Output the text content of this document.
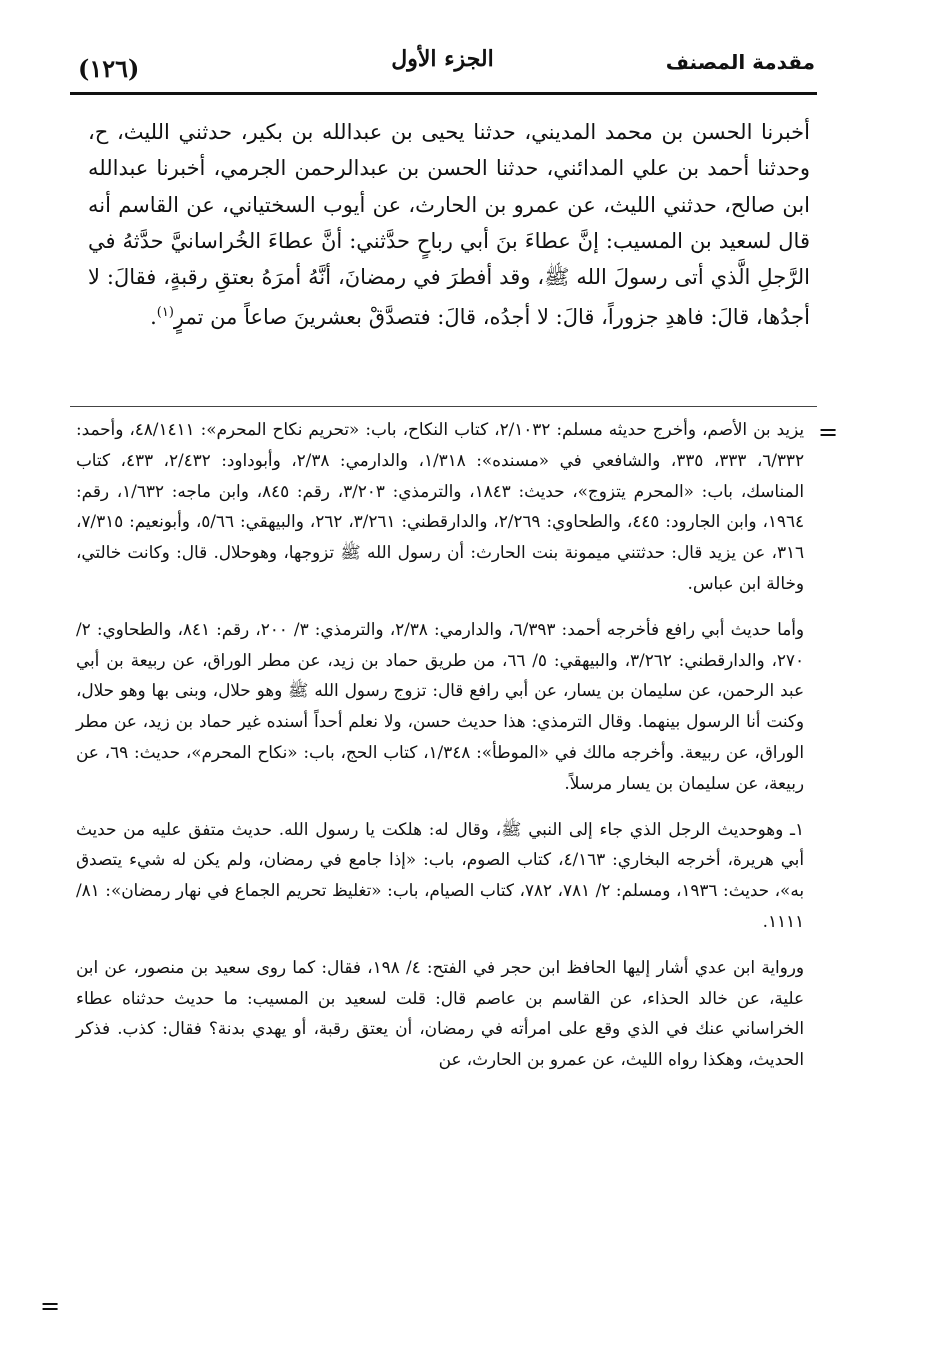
مقدمة المصنف
الجزء الأول
(١٢٦)

أخبرنا الحسن بن محمد المديني، حدثنا يحيى بن عبدالله بن بكير، حدثني الليث، ح، وحدثنا أحمد بن علي المدائني، حدثنا الحسن بن عبدالرحمن الجرمي، أخبرنا عبدالله ابن صالح، حدثني الليث، عن عمرو بن الحارث، عن أيوب السختياني، عن القاسم أنه قال لسعيد بن المسيب: إنَّ عطاءَ بنَ أبي رباحٍ حدَّثني: أنَّ عطاءَ الخُراسانيَّ حدَّثهُ في الرَّجلِ الَّذي أتى رسولَ الله ﷺ، وقد أفطرَ في رمضانَ، أنَّهُ أمرَهُ بعتقِ رقبةٍ، فقالَ: لا أجدُها، قالَ: فاهدِ جزوراً، قالَ: لا أجدُه، قالَ: فتصدَّقْ بعشرينَ صاعاً من تمرٍ$^{(١)}$.

=

يزيد بن الأصم، وأخرج حديثه مسلم: ٢/١٠٣٢، كتاب النكاح، باب: «تحريم نكاح المحرم»: ٤٨/١٤١١، وأحمد: ٦/٣٣٢، ٣٣٣، ٣٣٥، والشافعي في «مسنده»: ١/٣١٨، والدارمي: ٢/٣٨، وأبوداود: ٢/٤٣٢، ٤٣٣، كتاب المناسك، باب: «المحرم يتزوج»، حديث: ١٨٤٣، والترمذي: ٣/٢٠٣، رقم: ٨٤٥، وابن ماجه: ١/٦٣٢، رقم: ١٩٦٤، وابن الجارود: ٤٤٥، والطحاوي: ٢/٢٦٩، والدارقطني: ٣/٢٦١، ٢٦٢، والبيهقي: ٥/٦٦، وأبونعيم: ٧/٣١٥، ٣١٦، عن يزيد قال: حدثتني ميمونة بنت الحارث: أن رسول الله ﷺ تزوجها، وهوحلال. قال: وكانت خالتي، وخالة ابن عباس.

وأما حديث أبي رافع فأخرجه أحمد: ٦/٣٩٣، والدارمي: ٢/٣٨، والترمذي: ٣/ ٢٠٠، رقم: ٨٤١، والطحاوي: ٢/ ٢٧٠، والدارقطني: ٣/٢٦٢، والبيهقي: ٥/ ٦٦، من طريق حماد بن زيد، عن مطر الوراق، عن ربيعة بن أبي عبد الرحمن، عن سليمان بن يسار، عن أبي رافع قال: تزوج رسول الله ﷺ وهو حلال، وبنى بها وهو حلال، وكنت أنا الرسول بينهما. وقال الترمذي: هذا حديث حسن، ولا نعلم أحداً أسنده غير حماد بن زيد، عن مطر الوراق، عن ربيعة. وأخرجه مالك في «الموطأ»: ١/٣٤٨، كتاب الحج، باب: «نكاح المحرم»، حديث: ٦٩، عن ربيعة، عن سليمان بن يسار مرسلاً.

١ـ وهوحديث الرجل الذي جاء إلى النبي ﷺ، وقال له: هلكت يا رسول الله. حديث متفق عليه من حديث أبي هريرة، أخرجه البخاري: ٤/١٦٣، كتاب الصوم، باب: «إذا جامع في رمضان، ولم يكن له شيء يتصدق به»، حديث: ١٩٣٦، ومسلم: ٢/ ٧٨١، ٧٨٢، كتاب الصيام، باب: «تغليظ تحريم الجماع في نهار رمضان»: ٨١/ ١١١١.

ورواية ابن عدي أشار إليها الحافظ ابن حجر في الفتح: ٤/ ١٩٨، فقال: كما روى سعيد بن منصور، عن ابن علية، عن خالد الحذاء، عن القاسم بن عاصم قال: قلت لسعيد بن المسيب: ما حديث حدثناه عطاء الخراساني عنك في الذي وقع على امرأته في رمضان، أن يعتق رقبة، أو يهدي بدنة؟ فقال: كذب. فذكر الحديث، وهكذا رواه الليث، عن عمرو بن الحارث، عن

=
